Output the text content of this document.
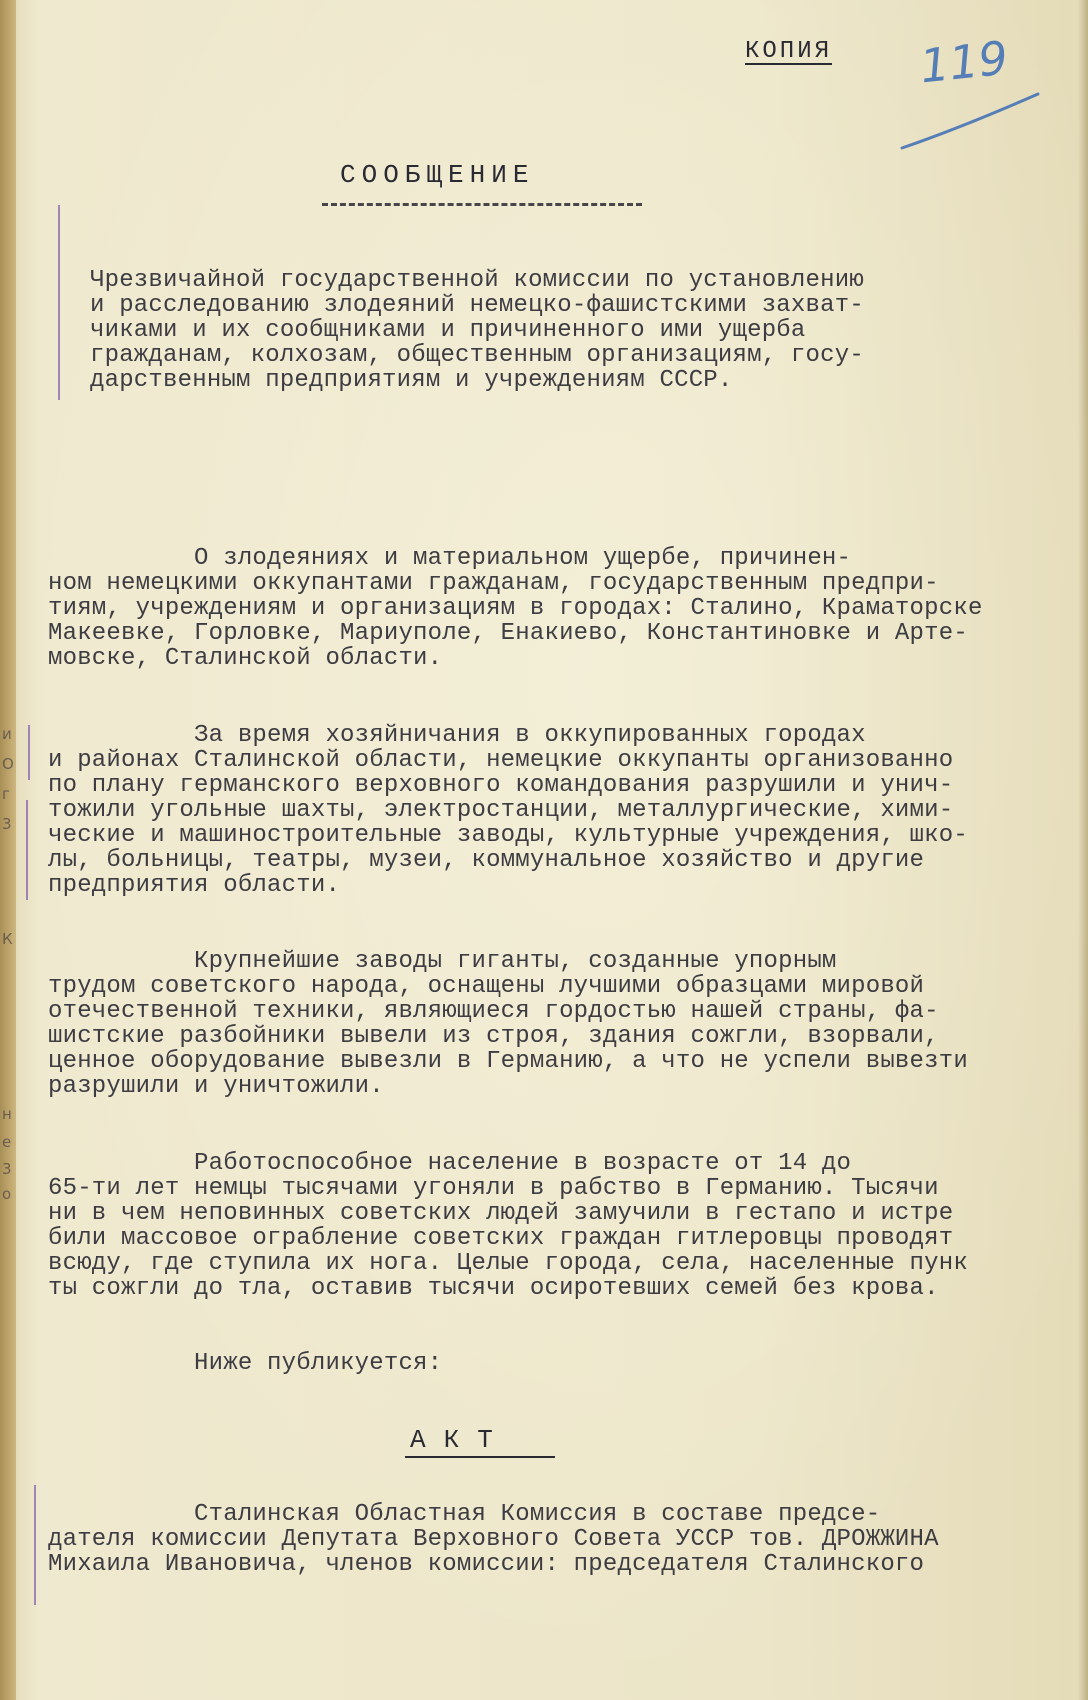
и
О
г
3
К
н
е
3
о

КОПИЯ 119

СООБЩЕНИЕ

Чрезвичайной государственной комиссии по установлению

и расследованию злодеяний немецко-фашистскими захват-

чиками и их сообщниками и причиненного ими ущерба

гражданам, колхозам, общественным организациям, госу-

дарственным предприятиям и учреждениям СССР.

О злодеяниях и материальном ущербе, причинен-

ном немецкими оккупантами гражданам, государственным предпри-

тиям, учреждениям и организациям в городах: Сталино, Краматорске

Макеевке, Горловке, Мариуполе, Енакиево, Константиновке и Арте-

мовске, Сталинской области.

За время хозяйничания в оккупированных городах

и районах Сталинской области, немецкие оккупанты организованно

по плану германского верховного командования разрушили и унич-

тожили угольные шахты, электростанции, металлургические, хими-

ческие и машиностроительные заводы, культурные учреждения, шко-

лы, больницы, театры, музеи, коммунальное хозяйство и другие

предприятия области.

Крупнейшие заводы гиганты, созданные упорным

трудом советского народа, оснащены лучшими образцами мировой

отечественной техники, являющиеся гордостью нашей страны, фа-

шистские разбойники вывели из строя, здания сожгли, взорвали,

ценное оборудование вывезли в Германию, а что не успели вывезти

разрушили и уничтожили.

Работоспособное население в возрасте от 14 до

65-ти лет немцы тысячами угоняли в рабство в Германию. Тысячи

ни в чем неповинных советских людей замучили в гестапо и истре

били массовое ограбление советских граждан гитлеровцы проводят

всюду, где ступила их нога. Целые города, села, населенные пунк

ты сожгли до тла, оставив тысячи осиротевших семей без крова.

Ниже публикуется:

АКТ

Сталинская Областная Комиссия в составе предсе-

дателя комиссии Депутата Верховного Совета УССР тов. ДРОЖЖИНА

Михаила Ивановича, членов комиссии: председателя Сталинского
